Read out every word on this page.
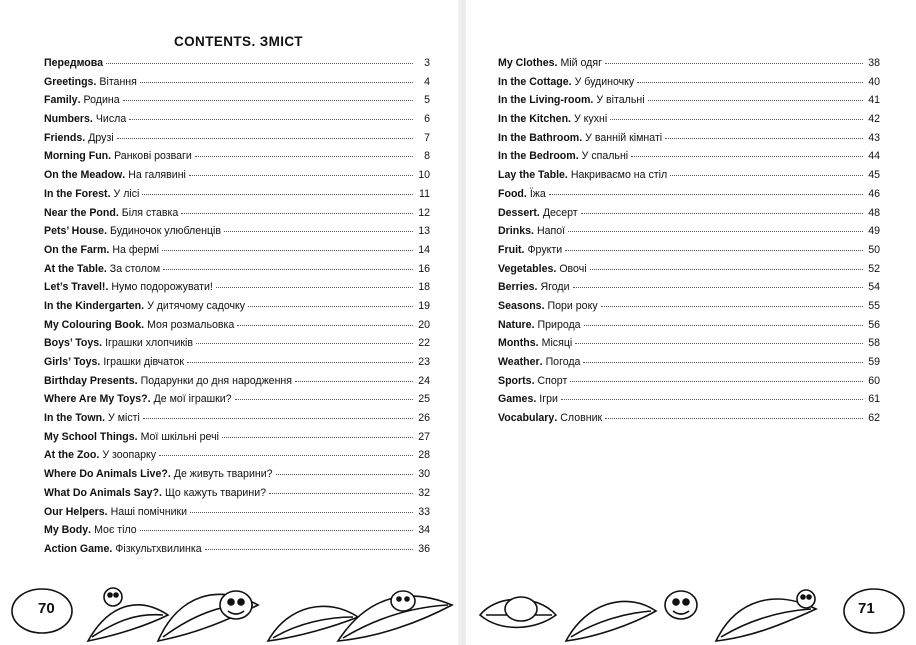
CONTENTS. ЗМІСТ
Передмова	3
Greetings . Вітання	4
Family . Родина	5
Numbers . Числа	6
Friends . Друзі	7
Morning Fun . Ранкові розваги	8
On the Meadow . На галявині	10
In the Forest . У лісі	11
Near the Pond . Біля ставка	12
Pets’ House . Будиночок улюбленців	13
On the Farm . На фермі	14
At the Table . За столом	16
Let’s Travel! . Нумо подорожувати!	18
In the Kindergarten . У дитячому садочку	19
My Colouring Book . Моя розмальовка	20
Boys’ Toys . Іграшки хлопчиків	22
Girls’ Toys . Іграшки дівчаток	23
Birthday Presents . Подарунки до дня народження	24
Where Are My Toys? . Де мої іграшки?	25
In the Town . У місті	26
My School Things . Мої шкільні речі	27
At the Zoo . У зоопарку	28
Where Do Animals Live? . Де живуть тварини?	30
What Do Animals Say? . Що кажуть тварини?	32
Our Helpers . Наші помічники	33
My Body . Моє тіло	34
Action Game . Фізкультхвилинка	36
My Clothes . Мій одяг	38
In the Cottage . У будиночку	40
In the Living-room . У вітальні	41
In the Kitchen . У кухні	42
In the Bathroom . У ванній кімнаті	43
In the Bedroom . У спальні	44
Lay the Table . Накриваємо на стіл	45
Food . Їжа	46
Dessert . Десерт	48
Drinks . Напої	49
Fruit . Фрукти	50
Vegetables . Овочі	52
Berries . Ягоди	54
Seasons . Пори року	55
Nature . Природа	56
Months . Місяці	58
Weather . Погода	59
Sports . Спорт	60
Games . Ігри	61
Vocabulary . Словник	62
70	71
